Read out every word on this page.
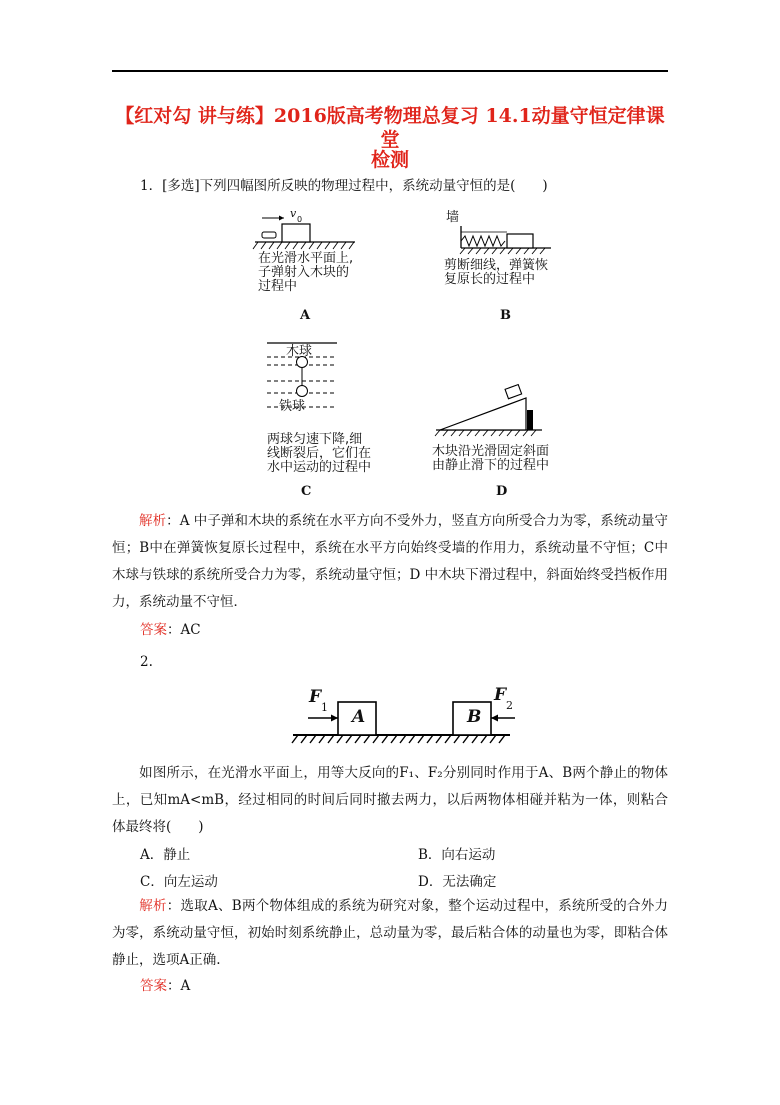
【红对勾 讲与练】2016版高考物理总复习 14.1动量守恒定律课堂
检测
1．[多选]下列四幅图所反映的物理过程中，系统动量守恒的是(　　)
v 0
在光滑水平面上,
子弹射入木块的
过程中
A
墙
剪断细线，弹簧恢
复原长的过程中
B
木球
铁球
两球匀速下降,细
线断裂后，它们在
水中运动的过程中
C
木块沿光滑固定斜面
由静止滑下的过程中
D
解析：A 中子弹和木块的系统在水平方向不受外力，竖直方向所受合力为零，系统动量守恒；B中在弹簧恢复原长过程中，系统在水平方向始终受墙的作用力，系统动量不守恒；C中木球与铁球的系统所受合力为零，系统动量守恒；D 中木块下滑过程中，斜面始终受挡板作用力，系统动量不守恒．
答案：AC
2.
F
1
F
2
A	B
如图所示，在光滑水平面上，用等大反向的F₁、F₂分别同时作用于A、B两个静止的物体上，已知mA<mB，经过相同的时间后同时撤去两力，以后两物体相碰并粘为一体，则粘合体最终将(　　)
A．静止	B．向右运动
C．向左运动	D．无法确定
解析：选取A、B两个物体组成的系统为研究对象，整个运动过程中，系统所受的合外力为零，系统动量守恒，初始时刻系统静止，总动量为零，最后粘合体的动量也为零，即粘合体静止，选项A正确.
答案：A
